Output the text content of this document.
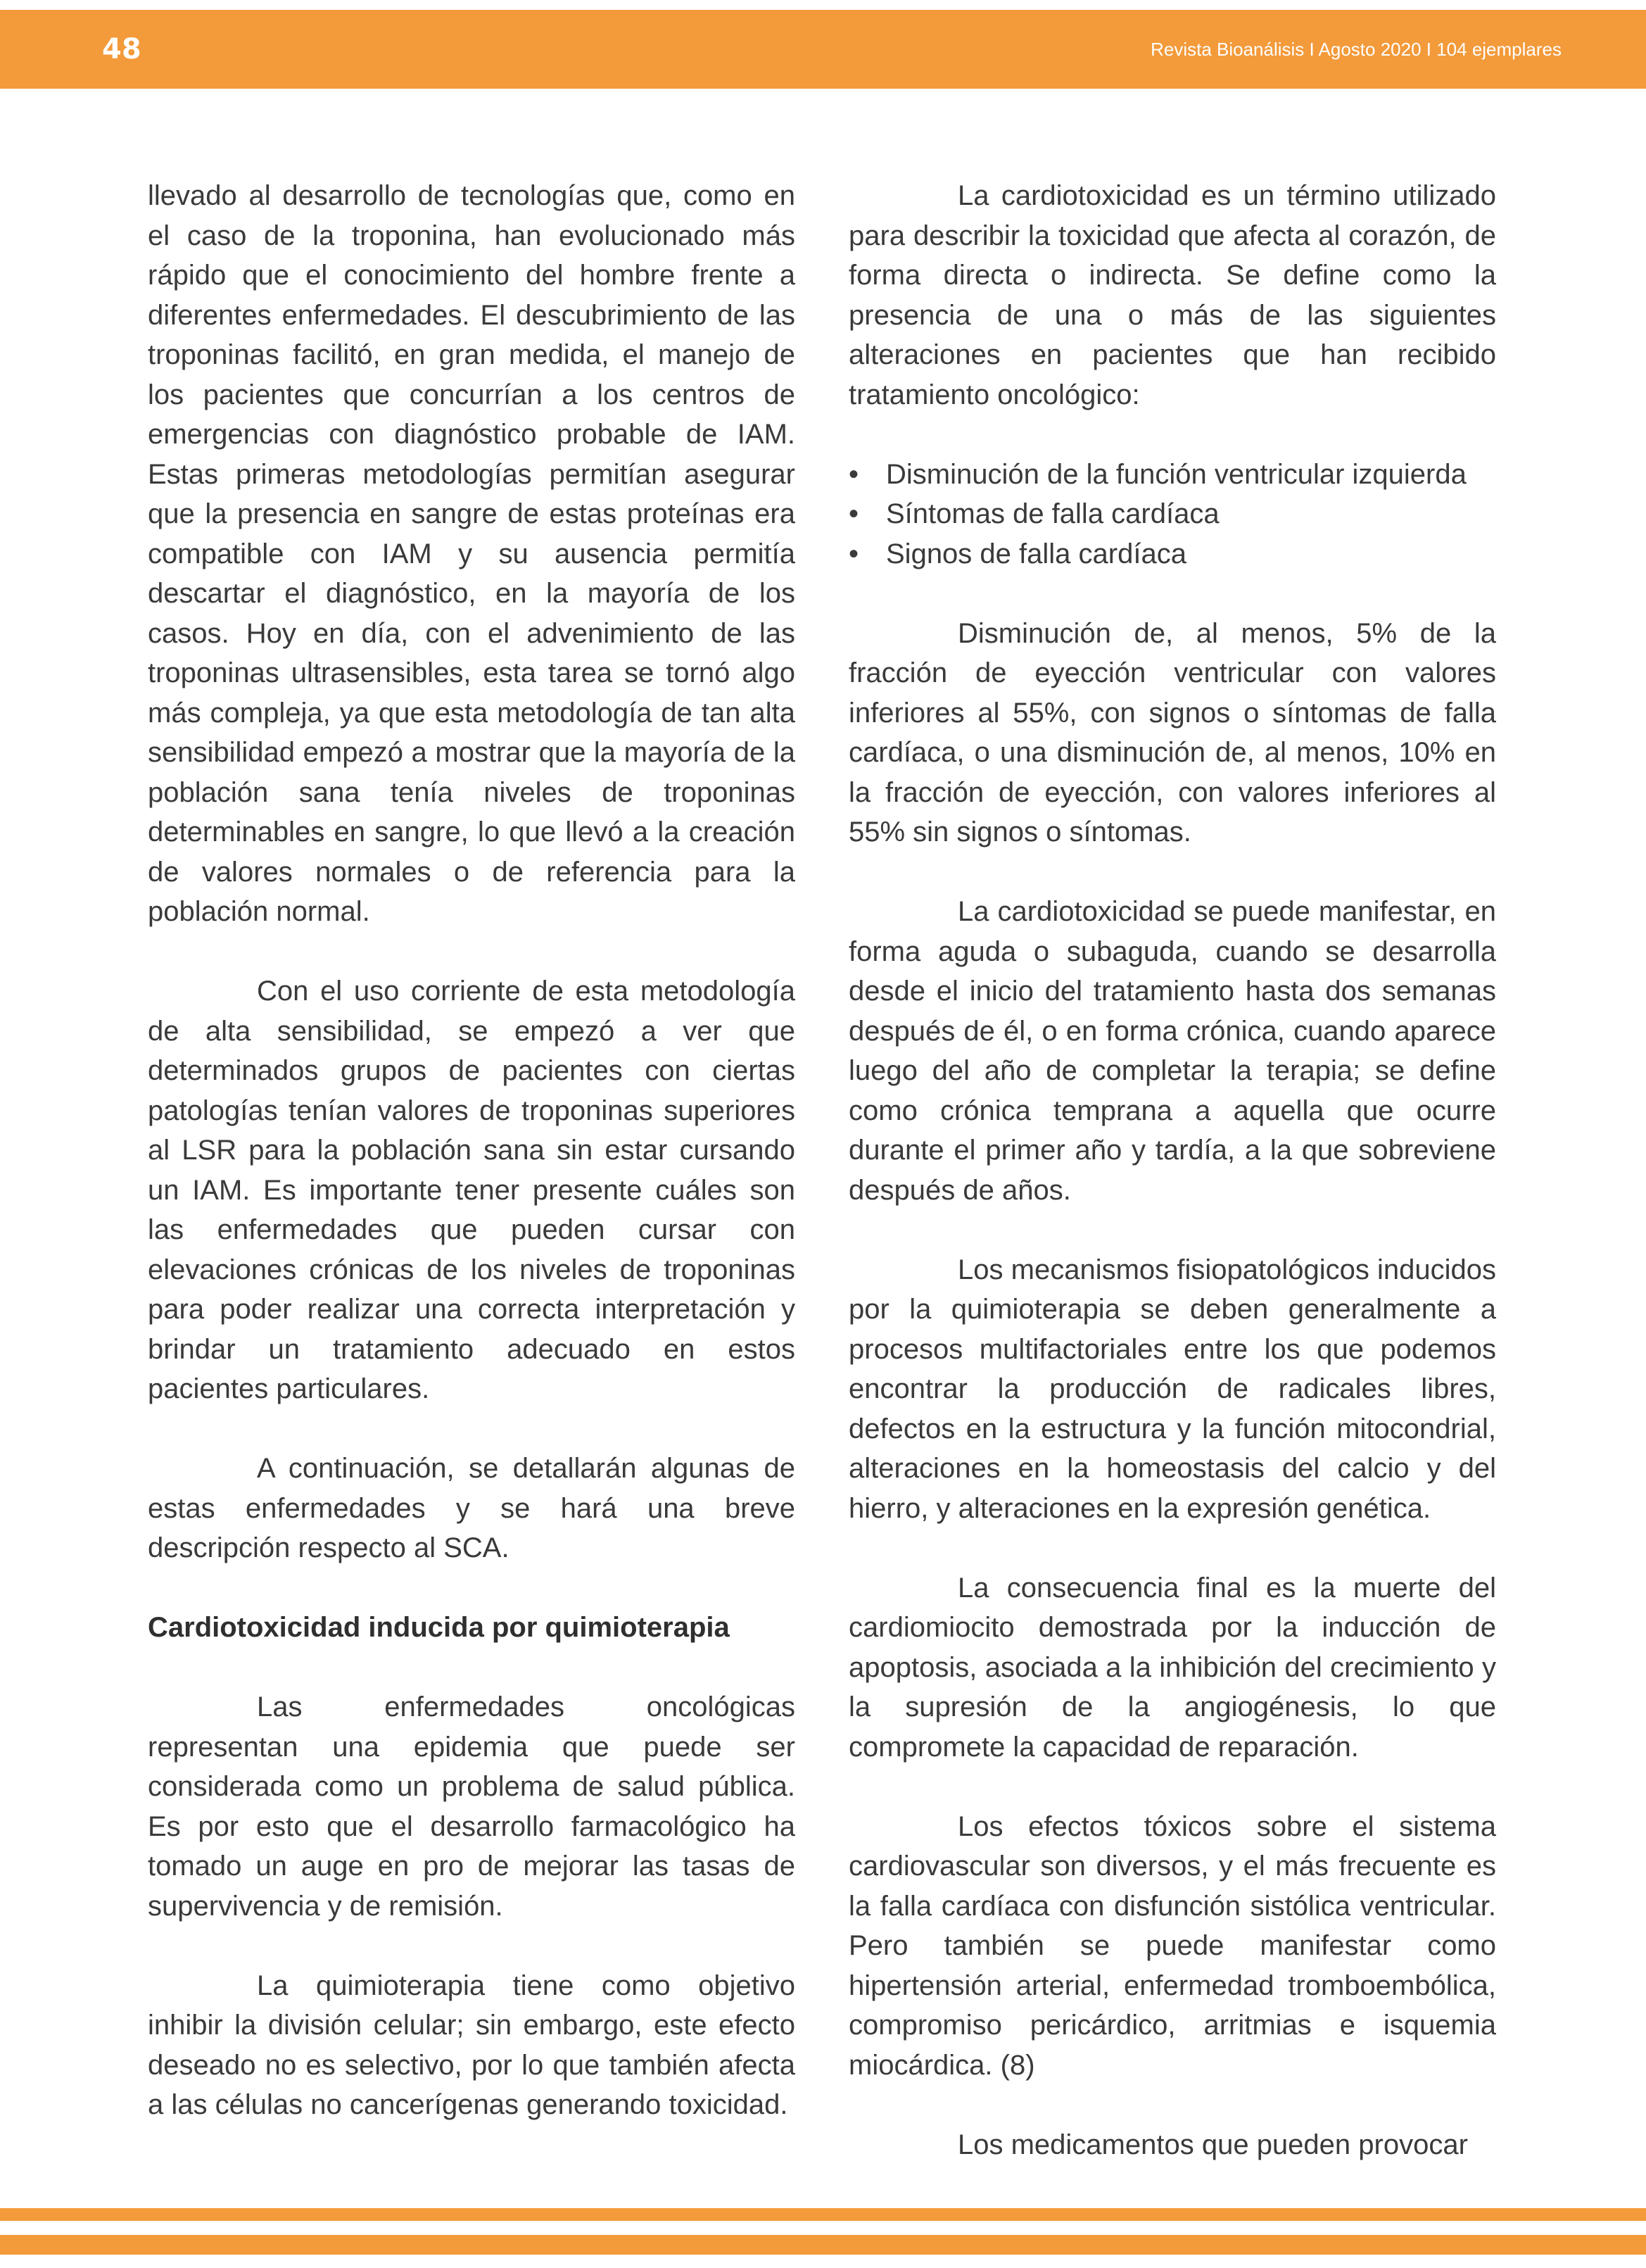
48	Revista Bioanálisis I Agosto 2020 I 104 ejemplares

llevado al desarrollo de tecnologías que, como en el caso de la troponina, han evolucionado más rápido que el conocimiento del hombre frente a diferentes enfermedades. El descubrimiento de las troponinas facilitó, en gran medida, el manejo de los pacientes que concurrían a los centros de emergencias con diagnóstico probable de IAM. Estas primeras metodologías permitían asegurar que la presencia en sangre de estas proteínas era compatible con IAM y su ausencia permitía descartar el diagnóstico, en la mayoría de los casos. Hoy en día, con el advenimiento de las troponinas ultrasensibles, esta tarea se tornó algo más compleja, ya que esta metodología de tan alta sensibilidad empezó a mostrar que la mayoría de la población sana tenía niveles de troponinas determinables en sangre, lo que llevó a la creación de valores normales o de referencia para la población normal.

Con el uso corriente de esta metodología de alta sensibilidad, se empezó a ver que determinados grupos de pacientes con ciertas patologías tenían valores de troponinas superiores al LSR para la población sana sin estar cursando un IAM. Es importante tener presente cuáles son las enfermedades que pueden cursar con elevaciones crónicas de los niveles de troponinas para poder realizar una correcta interpretación y brindar un tratamiento adecuado en estos pacientes particulares.

A continuación, se detallarán algunas de estas enfermedades y se hará una breve descripción respecto al SCA.

Cardiotoxicidad inducida por quimioterapia

Las enfermedades oncológicas representan una epidemia que puede ser considerada como un problema de salud pública. Es por esto que el desarrollo farmacológico ha tomado un auge en pro de mejorar las tasas de supervivencia y de remisión.

La quimioterapia tiene como objetivo inhibir la división celular; sin embargo, este efecto deseado no es selectivo, por lo que también afecta a las células no cancerígenas generando toxicidad.

La cardiotoxicidad es un término utilizado para describir la toxicidad que afecta al corazón, de forma directa o indirecta. Se define como la presencia de una o más de las siguientes alteraciones en pacientes que han recibido tratamiento oncológico:

• Disminución de la función ventricular izquierda
• Síntomas de falla cardíaca
• Signos de falla cardíaca

Disminución de, al menos, 5% de la fracción de eyección ventricular con valores inferiores al 55%, con signos o síntomas de falla cardíaca, o una disminución de, al menos, 10% en la fracción de eyección, con valores inferiores al 55% sin signos o síntomas.

La cardiotoxicidad se puede manifestar, en forma aguda o subaguda, cuando se desarrolla desde el inicio del tratamiento hasta dos semanas después de él, o en forma crónica, cuando aparece luego del año de completar la terapia; se define como crónica temprana a aquella que ocurre durante el primer año y tardía, a la que sobreviene después de años.

Los mecanismos fisiopatológicos inducidos por la quimioterapia se deben generalmente a procesos multifactoriales entre los que podemos encontrar la producción de radicales libres, defectos en la estructura y la función mitocondrial, alteraciones en la homeostasis del calcio y del hierro, y alteraciones en la expresión genética.

La consecuencia final es la muerte del cardiomiocito demostrada por la inducción de apoptosis, asociada a la inhibición del crecimiento y la supresión de la angiogénesis, lo que compromete la capacidad de reparación.

Los efectos tóxicos sobre el sistema cardiovascular son diversos, y el más frecuente es la falla cardíaca con disfunción sistólica ventricular. Pero también se puede manifestar como hipertensión arterial, enfermedad tromboembólica, compromiso pericárdico, arritmias e isquemia miocárdica. (8)

Los medicamentos que pueden provocar
